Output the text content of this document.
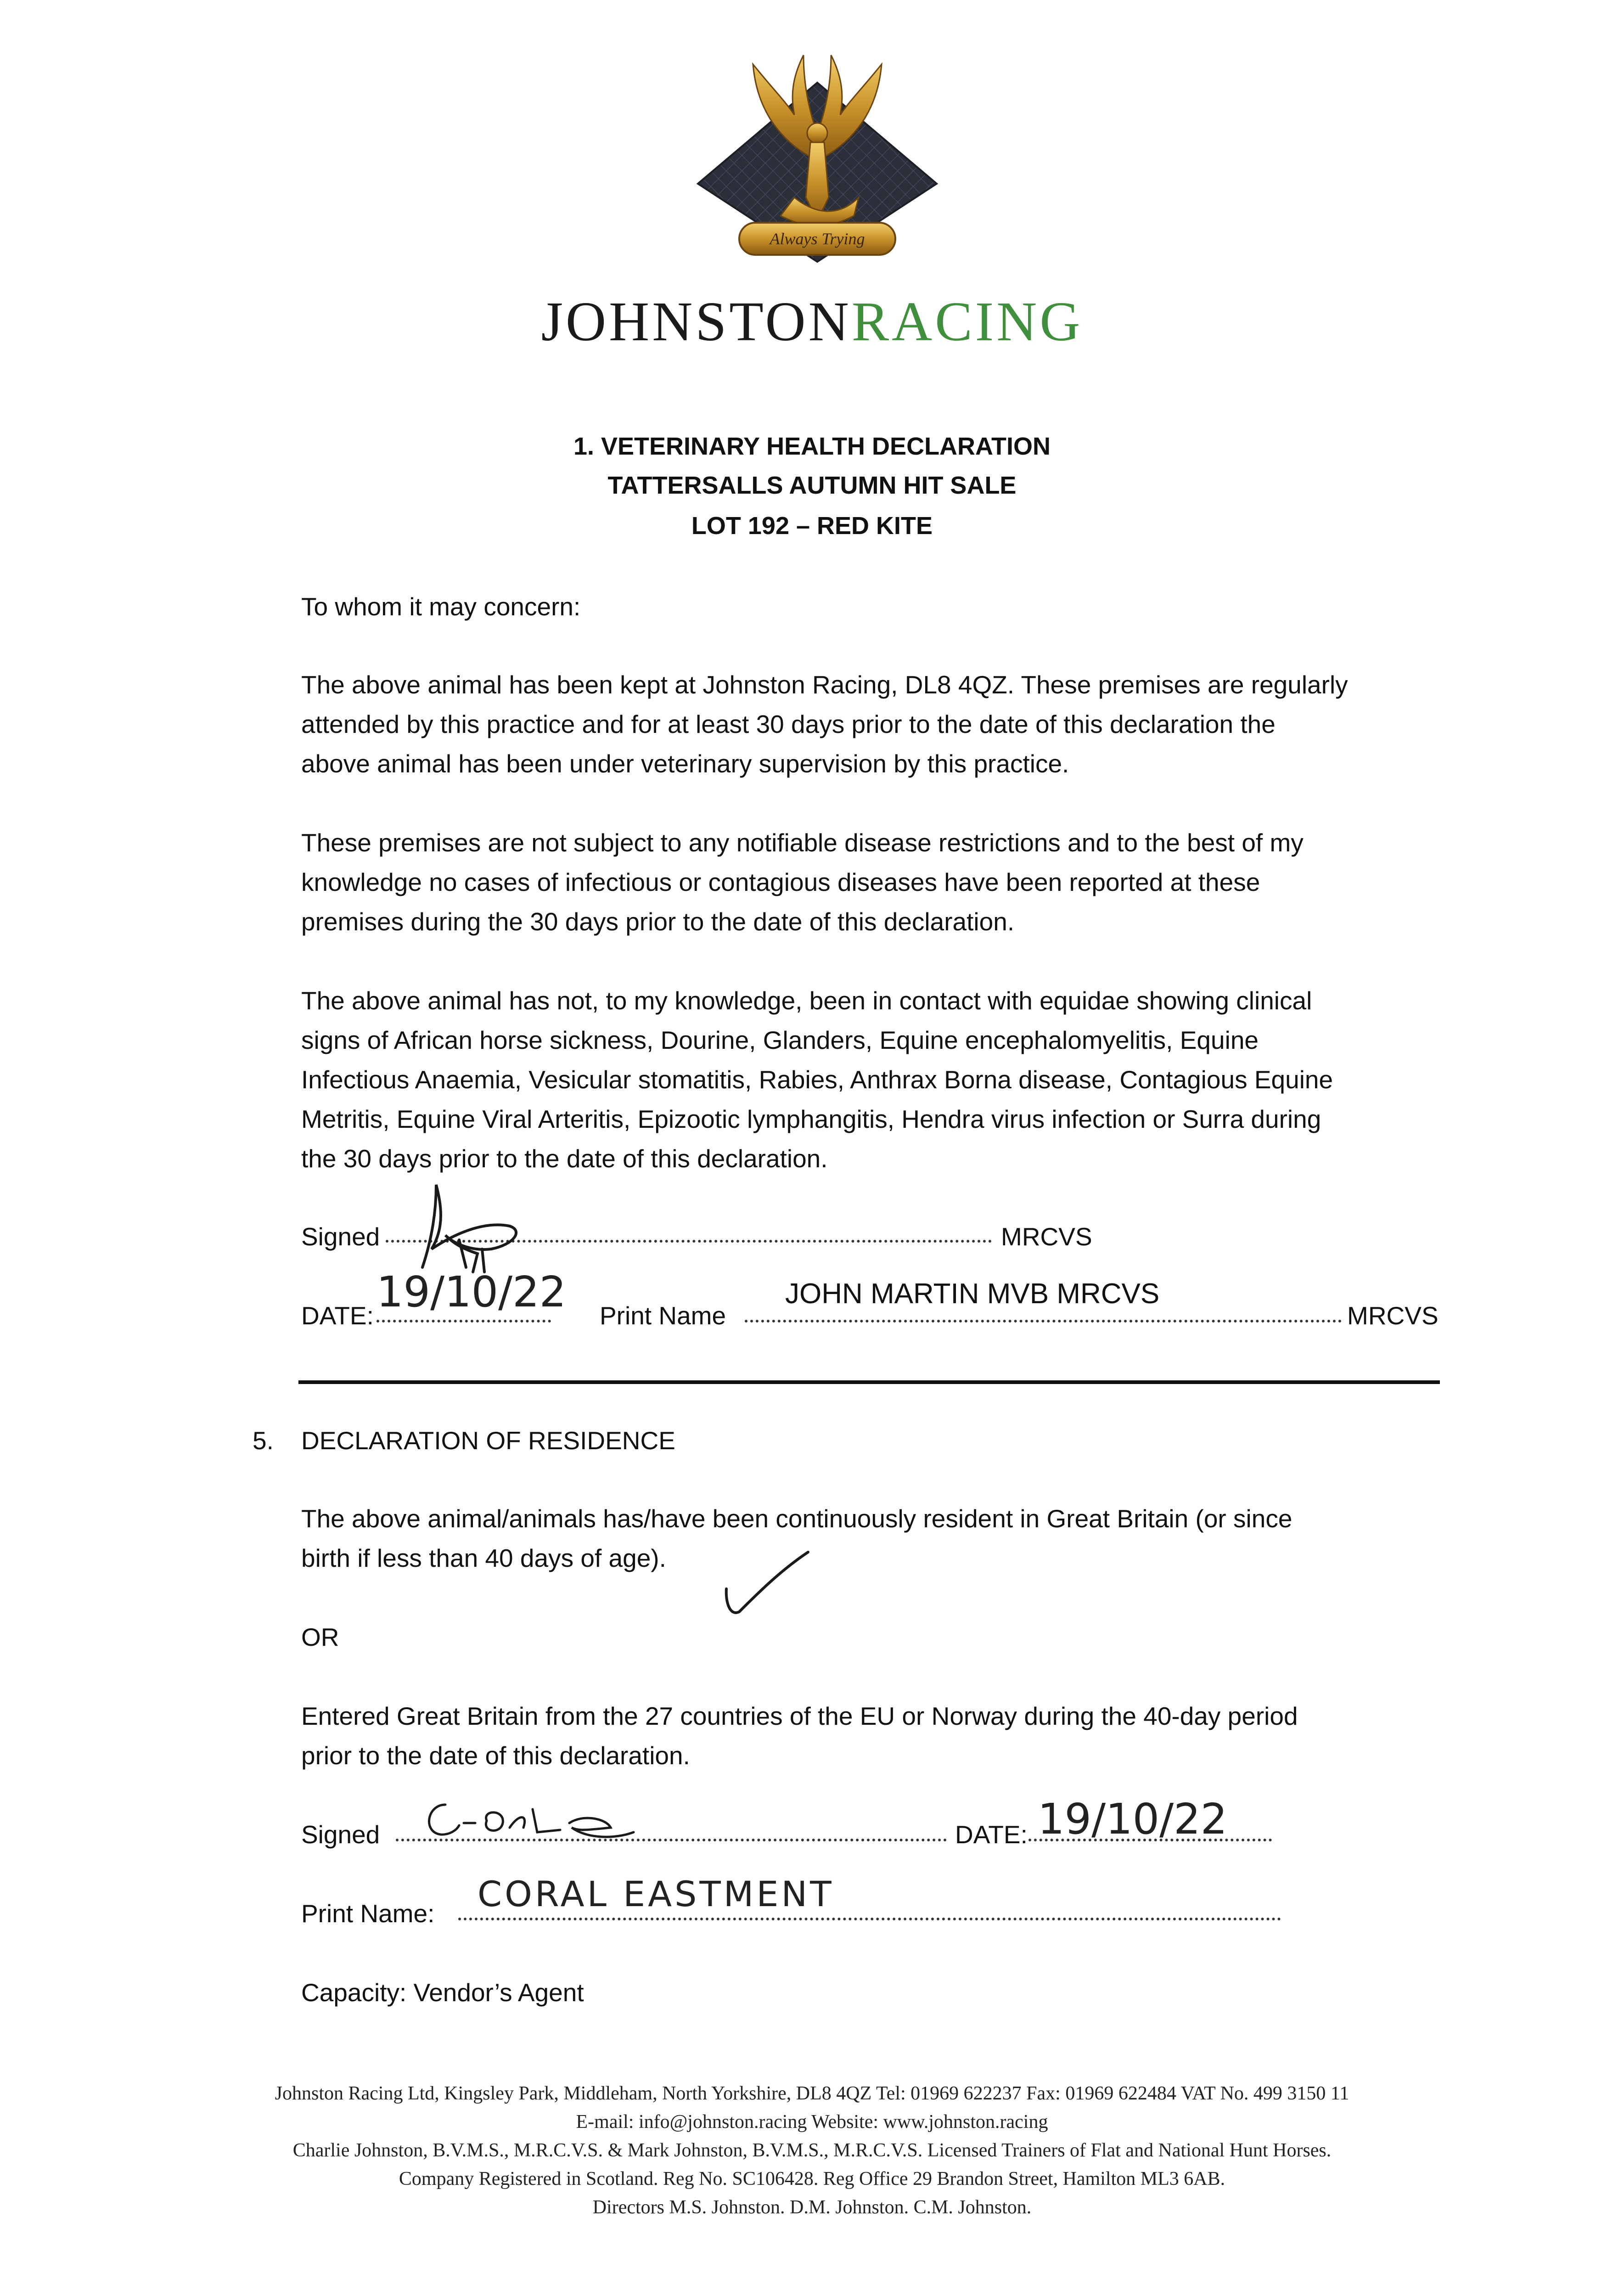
Always Trying
JOHNSTONRACING
1. VETERINARY HEALTH DECLARATION
TATTERSALLS AUTUMN HIT SALE
LOT 192 – RED KITE
To whom it may concern:
The above animal has been kept at Johnston Racing, DL8 4QZ. These premises are regularly
attended by this practice and for at least 30 days prior to the date of this declaration the
above animal has been under veterinary supervision by this practice.
These premises are not subject to any notifiable disease restrictions and to the best of my
knowledge no cases of infectious or contagious diseases have been reported at these
premises during the 30 days prior to the date of this declaration.
The above animal has not, to my knowledge, been in contact with equidae showing clinical
signs of African horse sickness, Dourine, Glanders, Equine encephalomyelitis, Equine
Infectious Anaemia, Vesicular stomatitis, Rabies, Anthrax Borna disease, Contagious Equine
Metritis, Equine Viral Arteritis, Epizootic lymphangitis, Hendra virus infection or Surra during
the 30 days prior to the date of this declaration.
Signed	MRCVS
DATE: 19/10/22 Print Name
JOHN MARTIN MVB MRCVS
MRCVS
5. DECLARATION OF RESIDENCE
The above animal/animals has/have been continuously resident in Great Britain (or since
birth if less than 40 days of age).
OR
Entered Great Britain from the 27 countries of the EU or Norway during the 40-day period
prior to the date of this declaration.
Signed	DATE: 19/10/22
Print Name: CORAL EASTMENT
Capacity: Vendor’s Agent
Johnston Racing Ltd, Kingsley Park, Middleham, North Yorkshire, DL8 4QZ Tel: 01969 622237 Fax: 01969 622484 VAT No. 499 3150 11
E-mail: info@johnston.racing Website: www.johnston.racing
Charlie Johnston, B.V.M.S., M.R.C.V.S. & Mark Johnston, B.V.M.S., M.R.C.V.S. Licensed Trainers of Flat and National Hunt Horses.
Company Registered in Scotland. Reg No. SC106428. Reg Office 29 Brandon Street, Hamilton ML3 6AB.
Directors M.S. Johnston. D.M. Johnston. C.M. Johnston.
